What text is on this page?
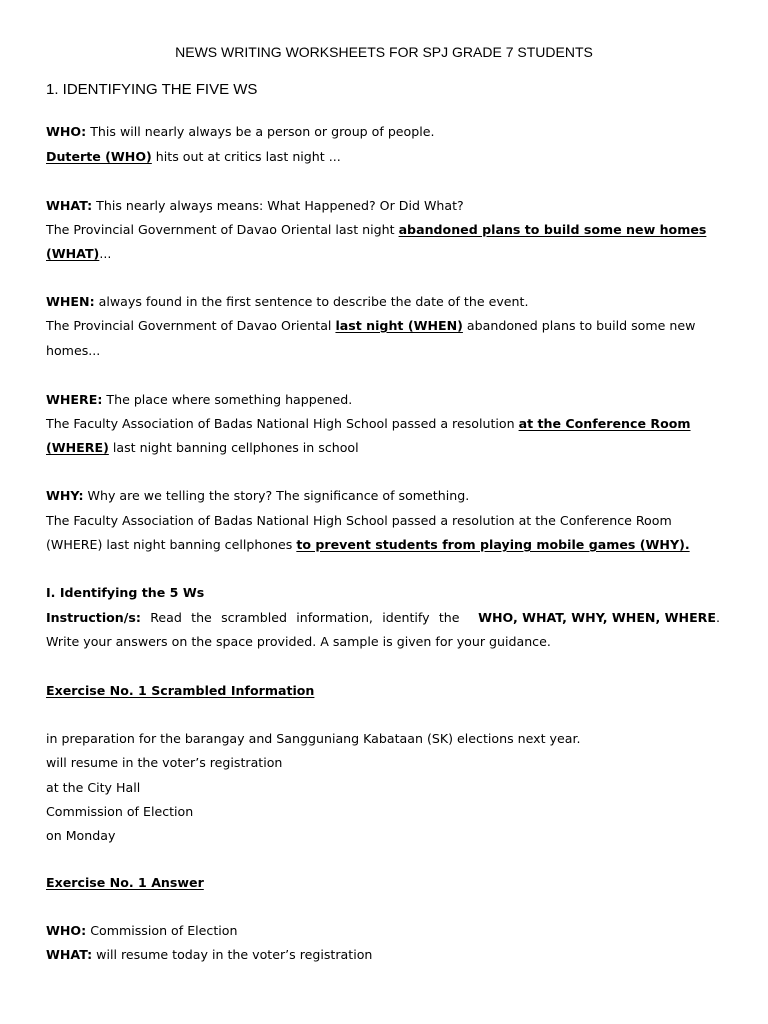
NEWS WRITING WORKSHEETS FOR SPJ GRADE 7 STUDENTS
1. IDENTIFYING THE FIVE WS
WHO: This will nearly always be a person or group of people.
Duterte (WHO) hits out at critics last night ...
WHAT: This nearly always means: What Happened? Or Did What?
The Provincial Government of Davao Oriental last night abandoned plans to build some new homes
(WHAT)...
WHEN: always found in the first sentence to describe the date of the event.
The Provincial Government of Davao Oriental last night (WHEN) abandoned plans to build some new
homes...
WHERE: The place where something happened.
The Faculty Association of Badas National High School passed a resolution at the Conference Room
(WHERE) last night banning cellphones in school
WHY: Why are we telling the story? The significance of something.
The Faculty Association of Badas National High School passed a resolution at the Conference Room
(WHERE) last night banning cellphones to prevent students from playing mobile games (WHY).
I. Identifying the 5 Ws
Instruction/s: Read the scrambled information, identify the WHO, WHAT, WHY, WHEN, WHERE.
Write your answers on the space provided. A sample is given for your guidance.
Exercise No. 1 Scrambled Information
in preparation for the barangay and Sangguniang Kabataan (SK) elections next year.
will resume in the voter’s registration
at the City Hall
Commission of Election
on Monday
Exercise No. 1 Answer
WHO: Commission of Election
WHAT: will resume today in the voter’s registration
